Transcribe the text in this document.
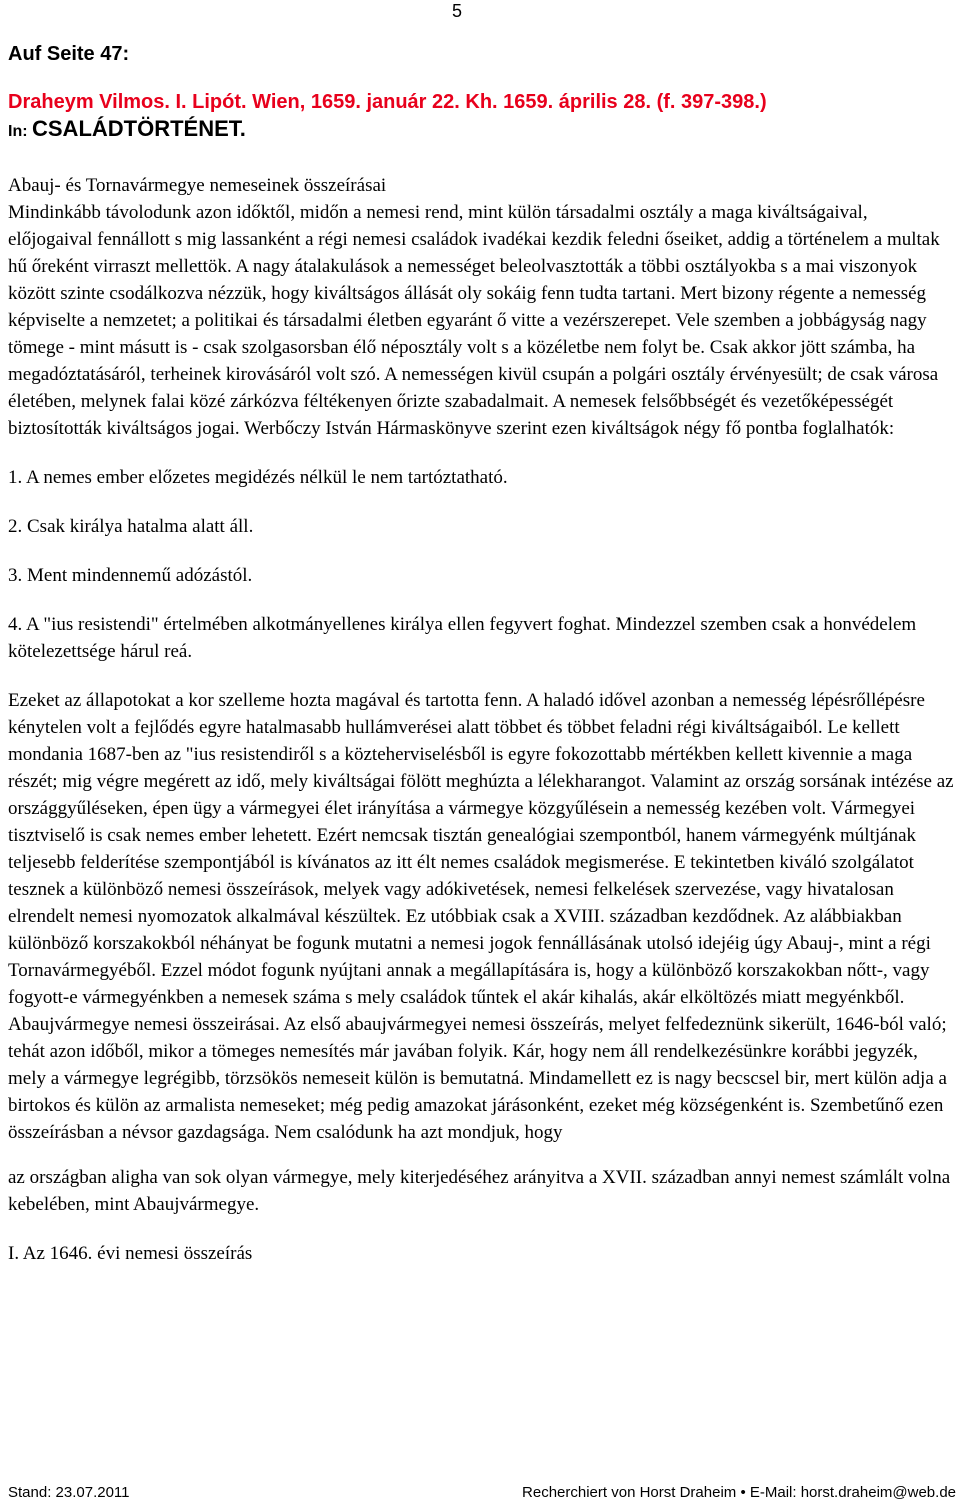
5

Auf Seite 47:

Draheym Vilmos. I. Lipót. Wien, 1659. január 22. Kh. 1659. április 28. (f. 397-398.)

In: CSALÁDTÖRTÉNET.

Abauj- és Tornavármegye nemeseinek összeírásai

Mindinkább távolodunk azon időktől, midőn a nemesi rend, mint külön társadalmi osztály a maga kiváltságaival, előjogaival fennállott s mig lassanként a régi nemesi családok ivadékai kezdik feledni őseiket, addig a történelem a multak hű őreként virraszt mellettök. A nagy átalakulások a nemességet beleolvasztották a többi osztályokba s a mai viszonyok között szinte csodálkozva nézzük, hogy kiváltságos állását oly sokáig fenn tudta tartani. Mert bizony régente a nemesség képviselte a nemzetet; a politikai és társadalmi életben egyaránt ő vitte a vezérszerepet. Vele szemben a jobbágyság nagy tömege - mint másutt is - csak szolgasorsban élő néposztály volt s a közéletbe nem folyt be. Csak akkor jött számba, ha megadóztatásáról, terheinek kirovásáról volt szó. A nemességen kivül csupán a polgári osztály érvényesült; de csak városa életében, melynek falai közé zárkózva féltékenyen őrizte szabadalmait. A nemesek felsőbbségét és vezetőképességét biztosították kiváltságos jogai. Werbőczy István Hármaskönyve szerint ezen kiváltságok négy fő pontba foglalhatók:

1. A nemes ember előzetes megidézés nélkül le nem tartóztatható.

2. Csak királya hatalma alatt áll.

3. Ment mindennemű adózástól.

4. A "ius resistendi" értelmében alkotmányellenes királya ellen fegyvert foghat. Mindezzel szemben csak a honvédelem kötelezettsége hárul reá.

Ezeket az állapotokat a kor szelleme hozta magával és tartotta fenn. A haladó idővel azonban a nemesség lépésrőllépésre kénytelen volt a fejlődés egyre hatalmasabb hullámverései alatt többet és többet feladni régi kiváltságaiból. Le kellett mondania 1687-ben az "ius resistendiről s a közteherviselésből is egyre fokozottabb mértékben kellett kivennie a maga részét; mig végre megérett az idő, mely kiváltságai fölött meghúzta a lélekharangot. Valamint az ország sorsának intézése az országgyűléseken, épen ügy a vármegyei élet irányítása a vármegye közgyűlésein a nemesség kezében volt. Vármegyei tisztviselő is csak nemes ember lehetett. Ezért nemcsak tisztán genealógiai szempontból, hanem vármegyénk múltjának teljesebb felderítése szempontjából is kívánatos az itt élt nemes családok megismerése. E tekintetben kiváló szolgálatot tesznek a különböző nemesi összeírások, melyek vagy adókivetések, nemesi felkelések szervezése, vagy hivatalosan elrendelt nemesi nyomozatok alkalmával készültek. Ez utóbbiak csak a XVIII. században kezdődnek. Az alábbiakban különböző korszakokból néhányat be fogunk mutatni a nemesi jogok fennállásának utolsó idejéig úgy Abauj-, mint a régi Tornavármegyéből. Ezzel módot fogunk nyújtani annak a megállapítására is, hogy a különböző korszakokban nőtt-, vagy fogyott-e vármegyénkben a nemesek száma s mely családok tűntek el akár kihalás, akár elköltözés miatt megyénkből. Abaujvármegye nemesi összeirásai. Az első abaujvármegyei nemesi összeírás, melyet felfedeznünk sikerült, 1646-ból való; tehát azon időből, mikor a tömeges nemesítés már javában folyik. Kár, hogy nem áll rendelkezésünkre korábbi jegyzék, mely a vármegye legrégibb, törzsökös nemeseit külön is bemutatná. Mindamellett ez is nagy becscsel bir, mert külön adja a birtokos és külön az armalista nemeseket; még pedig amazokat járásonként, ezeket még községenként is. Szembetűnő ezen összeírásban a névsor gazdagsága. Nem csalódunk ha azt mondjuk, hogy

az országban aligha van sok olyan vármegye, mely kiterjedéséhez arányitva a XVII. században annyi nemest számlált volna kebelében, mint Abaujvármegye.

I. Az 1646. évi nemesi összeírás

Stand: 23.07.2011	Recherchiert von Horst Draheim • E-Mail: horst.draheim@web.de
